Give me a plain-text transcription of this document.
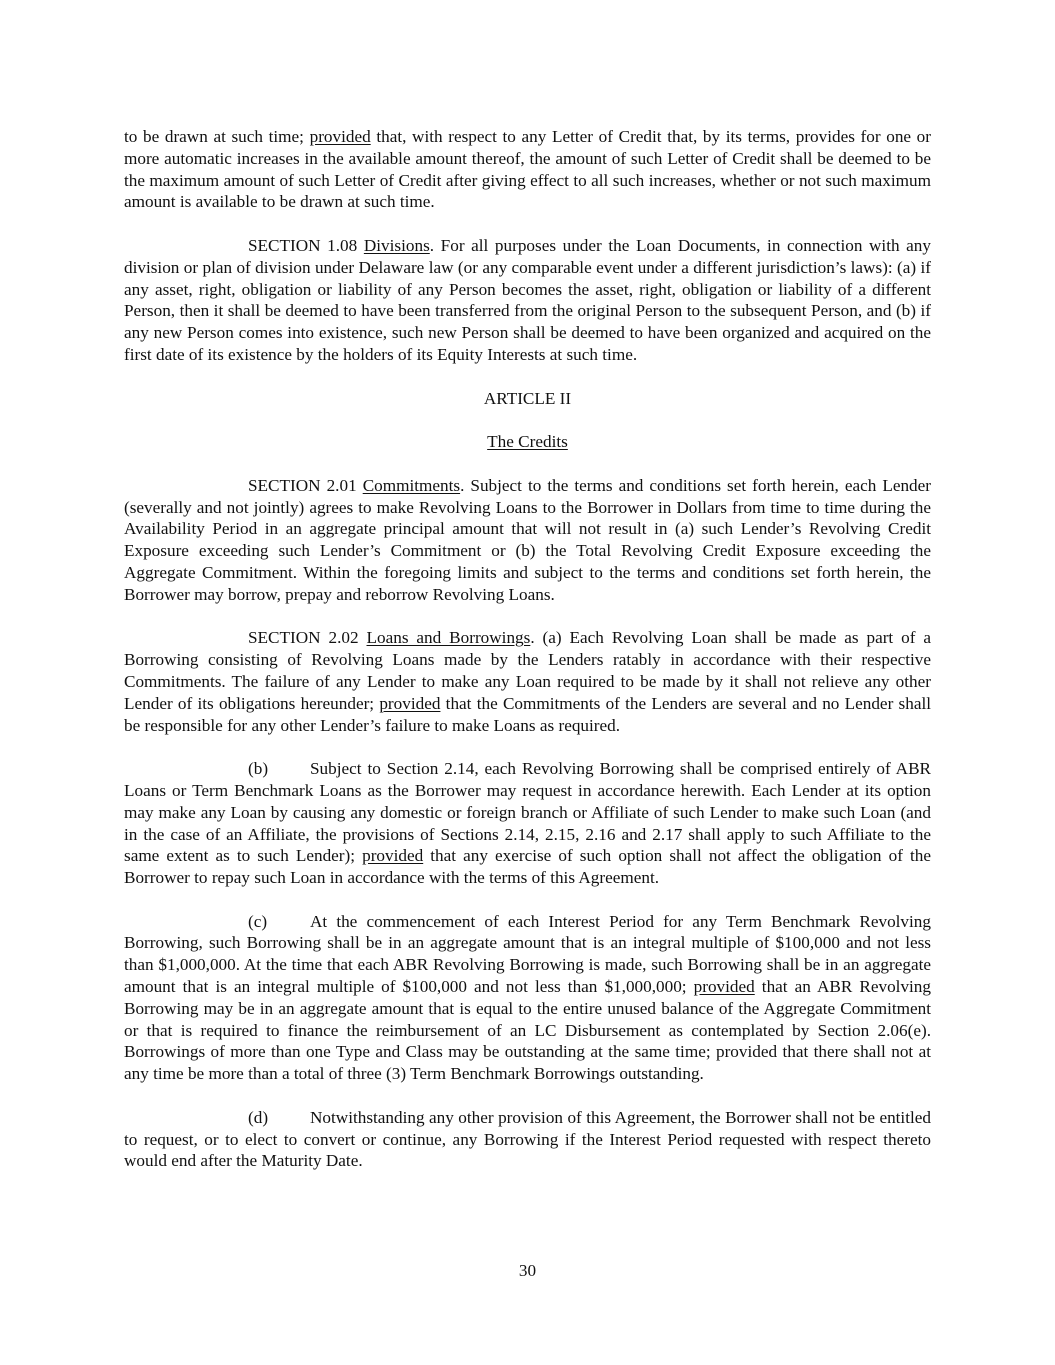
to be drawn at such time; provided that, with respect to any Letter of Credit that, by its terms, provides for one or more automatic increases in the available amount thereof, the amount of such Letter of Credit shall be deemed to be the maximum amount of such Letter of Credit after giving effect to all such increases, whether or not such maximum amount is available to be drawn at such time.

SECTION 1.08 Divisions. For all purposes under the Loan Documents, in connection with any division or plan of division under Delaware law (or any comparable event under a different jurisdiction’s laws): (a) if any asset, right, obligation or liability of any Person becomes the asset, right, obligation or liability of a different Person, then it shall be deemed to have been transferred from the original Person to the subsequent Person, and (b) if any new Person comes into existence, such new Person shall be deemed to have been organized and acquired on the first date of its existence by the holders of its Equity Interests at such time.

ARTICLE II

The Credits

SECTION 2.01 Commitments. Subject to the terms and conditions set forth herein, each Lender (severally and not jointly) agrees to make Revolving Loans to the Borrower in Dollars from time to time during the Availability Period in an aggregate principal amount that will not result in (a) such Lender’s Revolving Credit Exposure exceeding such Lender’s Commitment or (b) the Total Revolving Credit Exposure exceeding the Aggregate Commitment. Within the foregoing limits and subject to the terms and conditions set forth herein, the Borrower may borrow, prepay and reborrow Revolving Loans.

SECTION 2.02 Loans and Borrowings. (a) Each Revolving Loan shall be made as part of a Borrowing consisting of Revolving Loans made by the Lenders ratably in accordance with their respective Commitments. The failure of any Lender to make any Loan required to be made by it shall not relieve any other Lender of its obligations hereunder; provided that the Commitments of the Lenders are several and no Lender shall be responsible for any other Lender’s failure to make Loans as required.

(b) Subject to Section 2.14, each Revolving Borrowing shall be comprised entirely of ABR Loans or Term Benchmark Loans as the Borrower may request in accordance herewith. Each Lender at its option may make any Loan by causing any domestic or foreign branch or Affiliate of such Lender to make such Loan (and in the case of an Affiliate, the provisions of Sections 2.14, 2.15, 2.16 and 2.17 shall apply to such Affiliate to the same extent as to such Lender); provided that any exercise of such option shall not affect the obligation of the Borrower to repay such Loan in accordance with the terms of this Agreement.

(c) At the commencement of each Interest Period for any Term Benchmark Revolving Borrowing, such Borrowing shall be in an aggregate amount that is an integral multiple of $100,000 and not less than $1,000,000. At the time that each ABR Revolving Borrowing is made, such Borrowing shall be in an aggregate amount that is an integral multiple of $100,000 and not less than $1,000,000; provided that an ABR Revolving Borrowing may be in an aggregate amount that is equal to the entire unused balance of the Aggregate Commitment or that is required to finance the reimbursement of an LC Disbursement as contemplated by Section 2.06(e). Borrowings of more than one Type and Class may be outstanding at the same time; provided that there shall not at any time be more than a total of three (3) Term Benchmark Borrowings outstanding.

(d) Notwithstanding any other provision of this Agreement, the Borrower shall not be entitled to request, or to elect to convert or continue, any Borrowing if the Interest Period requested with respect thereto would end after the Maturity Date.

30
